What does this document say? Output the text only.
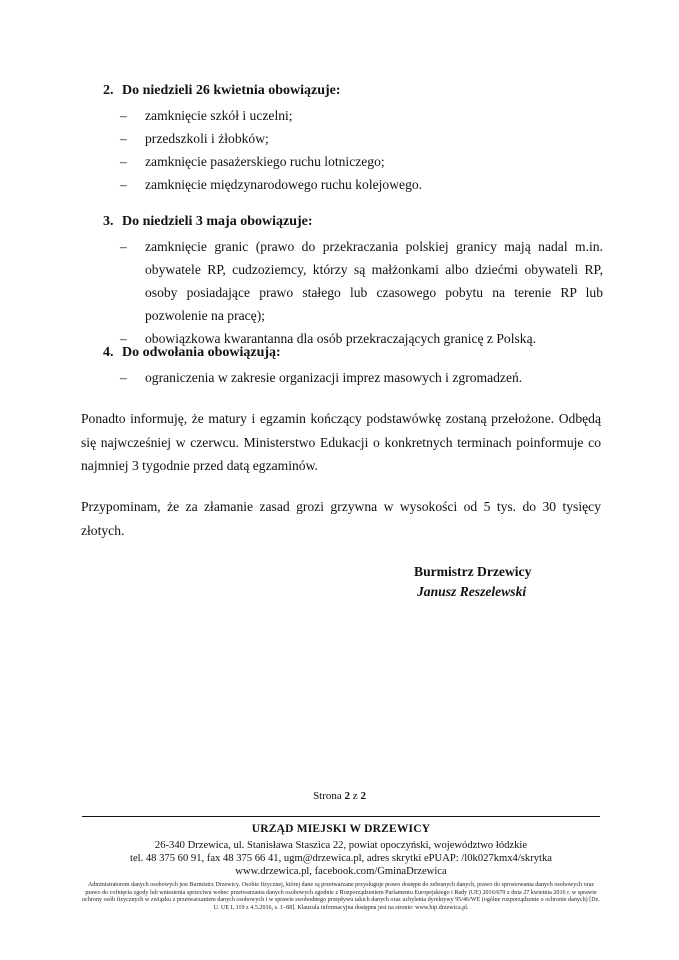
2. Do niedzieli 26 kwietnia obowiązuje:
– zamknięcie szkół i uczelni;
– przedszkoli i żłobków;
– zamknięcie pasażerskiego ruchu lotniczego;
– zamknięcie międzynarodowego ruchu kolejowego.
3. Do niedzieli 3 maja obowiązuje:
– zamknięcie granic (prawo do przekraczania polskiej granicy mają nadal m.in. obywatele RP, cudzoziemcy, którzy są małżonkami albo dziećmi obywateli RP, osoby posiadające prawo stałego lub czasowego pobytu na terenie RP lub pozwolenie na pracę);
– obowiązkowa kwarantanna dla osób przekraczających granicę z Polską.
4. Do odwołania obowiązują:
– ograniczenia w zakresie organizacji imprez masowych i zgromadzeń.
Ponadto informuję, że matury i egzamin kończący podstawówkę zostaną przełożone. Odbędą się najwcześniej w czerwcu. Ministerstwo Edukacji o konkretnych terminach poinformuje co najmniej 3 tygodnie przed datą egzaminów.
Przypominam, że za złamanie zasad grozi grzywna w wysokości od 5 tys. do 30 tysięcy złotych.
Burmistrz Drzewicy
Janusz Reszelewski
Strona 2 z 2
URZĄD MIEJSKI W DRZEWICY
26-340 Drzewica, ul. Stanisława Staszica 22, powiat opoczyński, województwo łódzkie
tel. 48 375 60 91, fax 48 375 66 41, ugm@drzewica.pl, adres skrytki ePUAP: /l0k027kmx4/skrytka
www.drzewica.pl, facebook.com/GminaDrzewica
Administratorem danych osobowych jest Burmistrz Drzewicy. Osobie fizycznej, której dane są przetwarzane przysługuje prawo dostępu do zebranych danych, prawo do sprostowania danych osobowych oraz prawo do cofnięcia zgody lub wniesienia sprzeciwu wobec przetwarzania danych osobowych zgodnie z Rozporządzeniem Parlamentu Europejskiego i Rady (UE) 2016/679 z dnia 27 kwietnia 2016 r. w sprawie ochrony osób fizycznych w związku z przetwarzaniem danych osobowych i w sprawie swobodnego przepływu takich danych oraz uchylenia dyrektywy 95/46/WE (ogólne rozporządzenie o ochronie danych) [Dz. U. UE L 119 z 4.5.2016, s. 1–88]. Klauzula informacyjna dostępna jest na stronie: www.bip.drzewica.pl.
